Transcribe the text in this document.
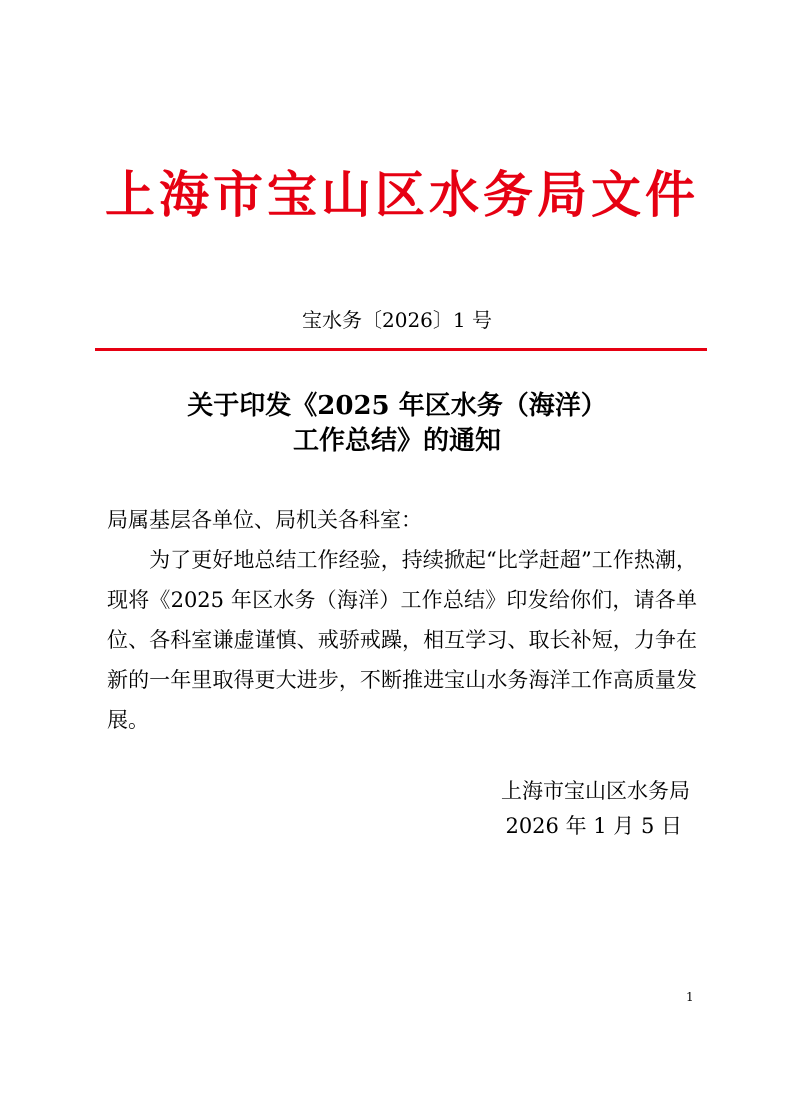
上海市宝山区水务局文件
宝水务〔2026〕1 号
关于印发《2025 年区水务（海洋）
工作总结》的通知
局属基层各单位、局机关各科室：
　　为了更好地总结工作经验，持续掀起“比学赶超”工作热潮，
现将《2025 年区水务（海洋）工作总结》印发给你们，请各单
位、各科室谦虚谨慎、戒骄戒躁，相互学习、取长补短，力争在
新的一年里取得更大进步，不断推进宝山水务海洋工作高质量发
展。
上海市宝山区水务局
2026 年 1 月 5 日
1
